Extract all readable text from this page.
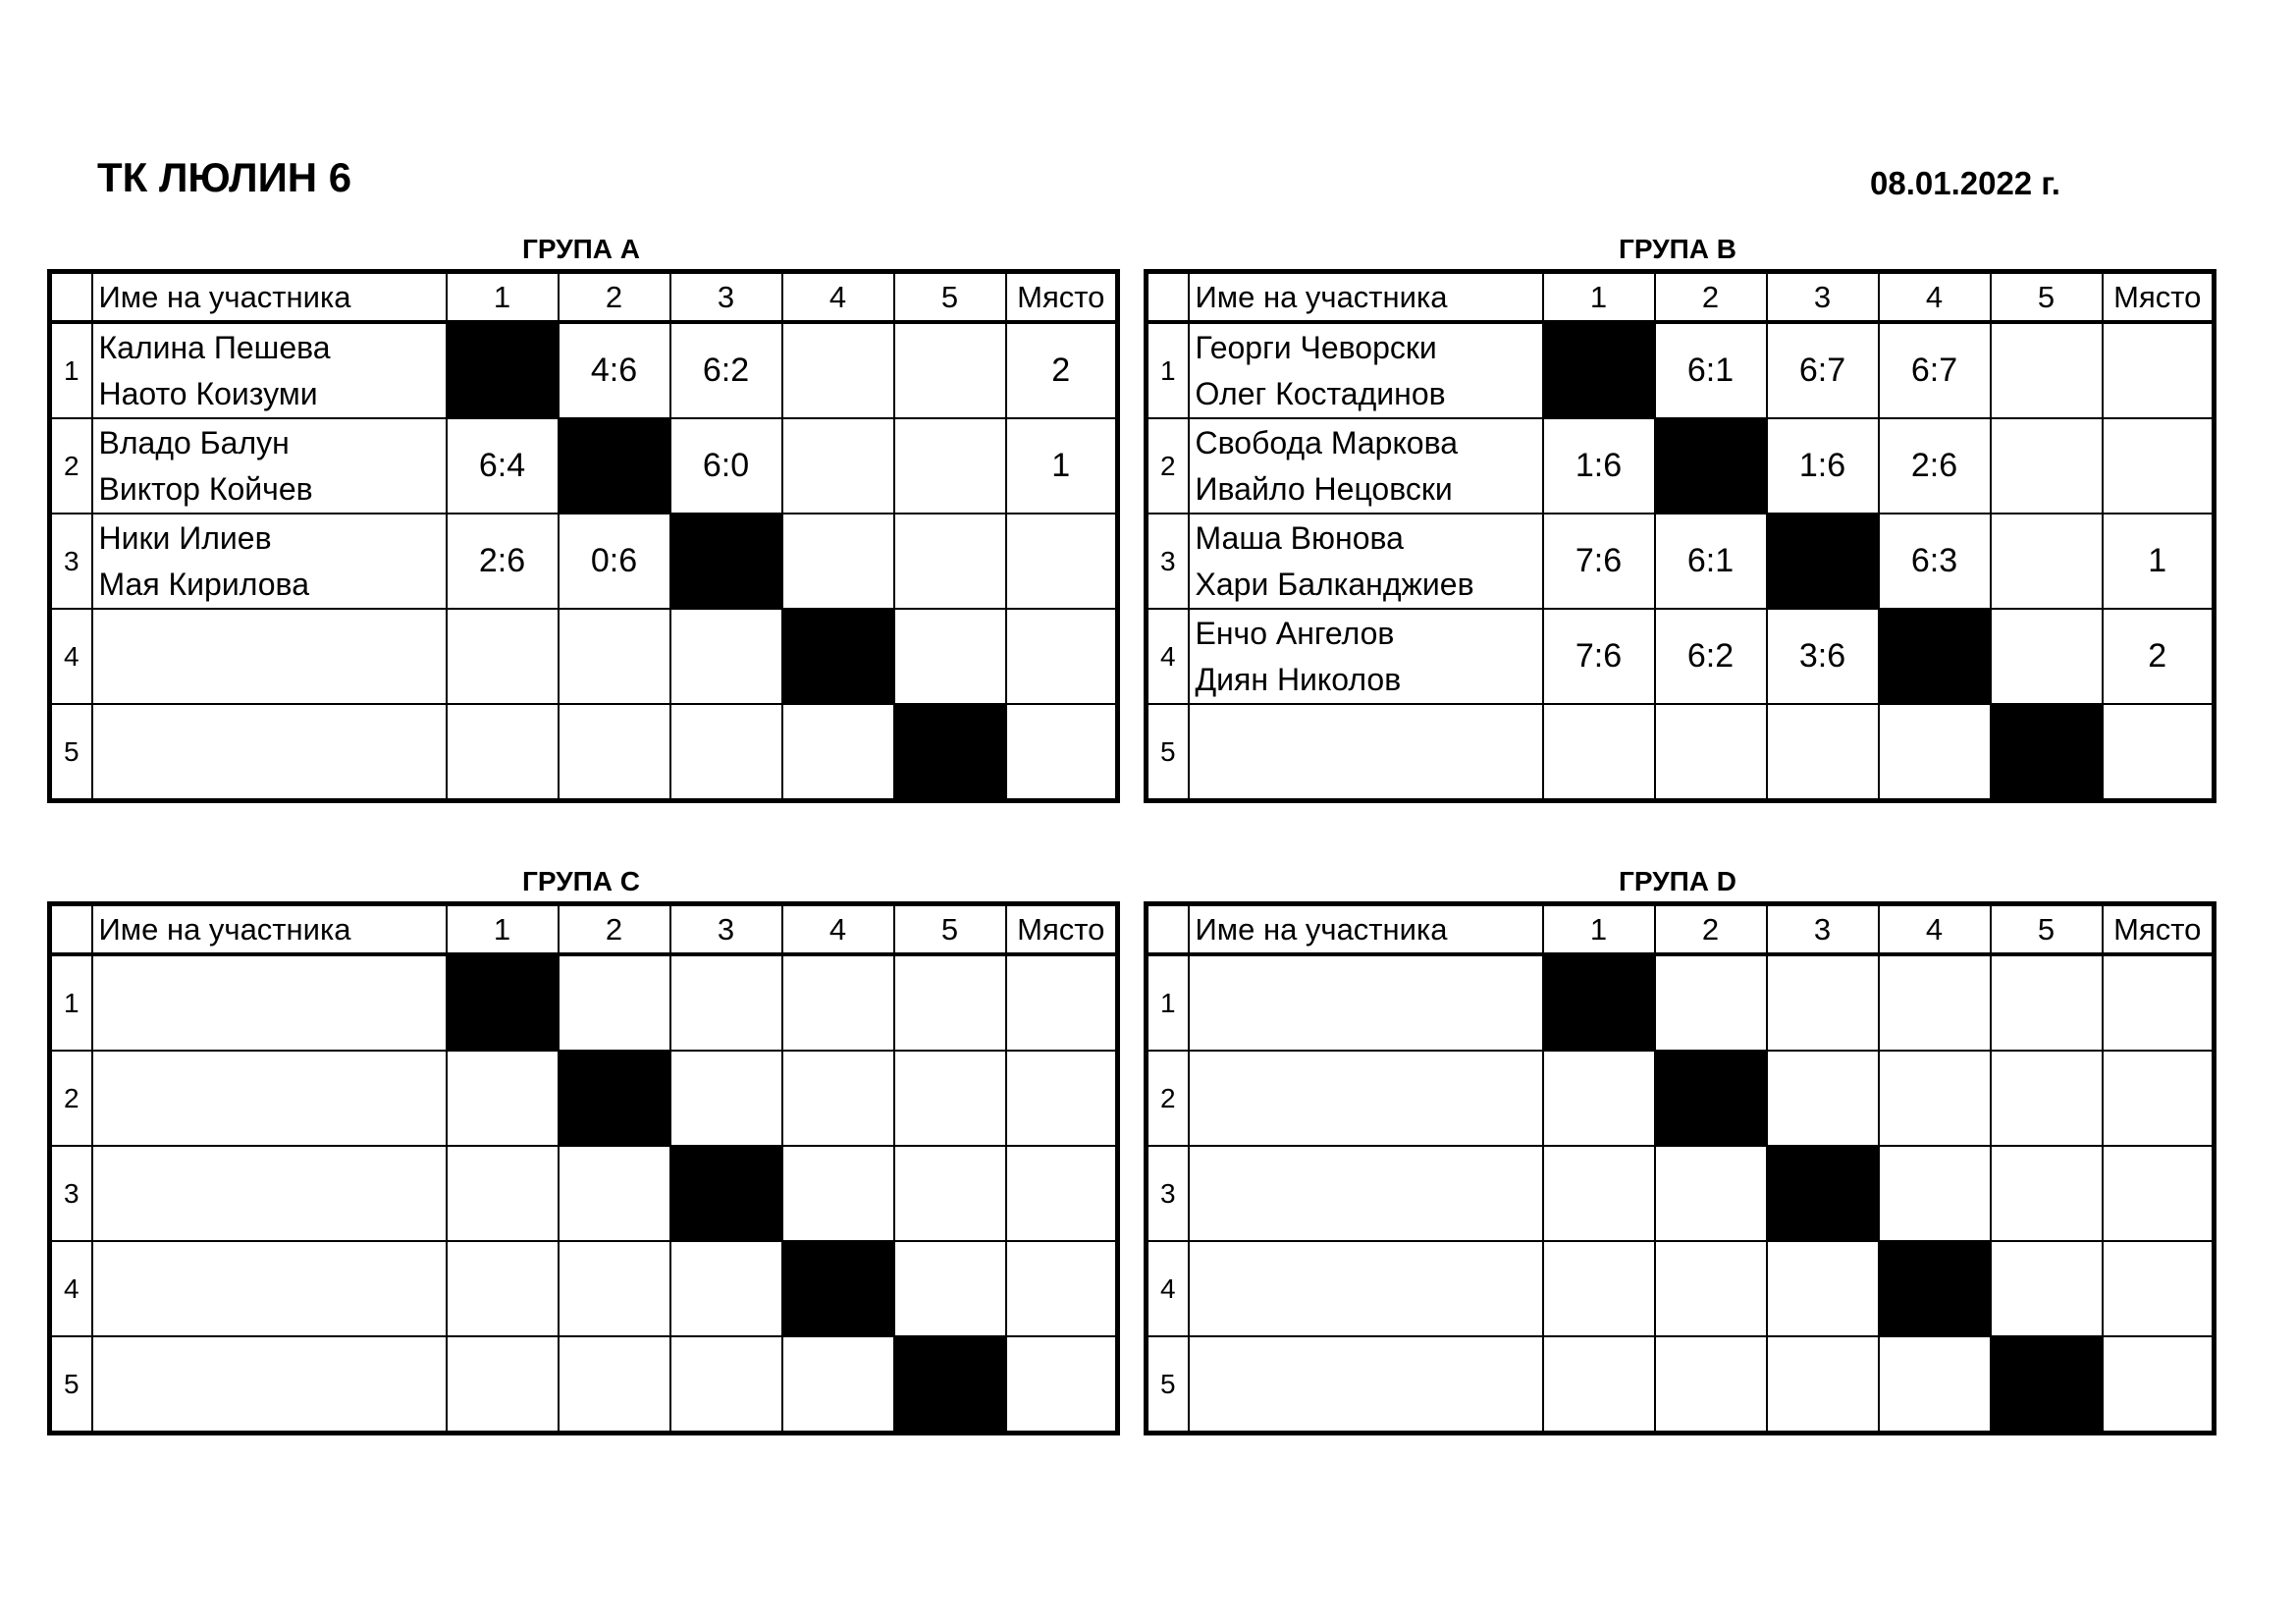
ТК ЛЮЛИН 6	08.01.2022 г.
ГРУПА А
	Име на участника	1	2	3	4	5	Място
1	Калина Пешева
Наото Коизуми		4:6	6:2			2
2	Владо Балун
Виктор Койчев	6:4		6:0			1
3	Ники Илиев
Мая Кирилова	2:6	0:6				
4	

5	

ГРУПА В
	Име на участника	1	2	3	4	5	Място
1	Георги Чеворски
Олег Костадинов		6:1	6:7	6:7		
2	Свобода Маркова
Ивайло Нецовски	1:6		1:6	2:6		
3	Маша Вюнова
Хари Балканджиев	7:6	6:1		6:3		1
4	Енчо Ангелов
Диян Николов	7:6	6:2	3:6			2
5	

ГРУПА С
	Име на участника	1	2	3	4	5	Място
1	

2	

3	

4	

5	

ГРУПА D
	Име на участника	1	2	3	4	5	Място
1	

2	

3	

4	

5	
